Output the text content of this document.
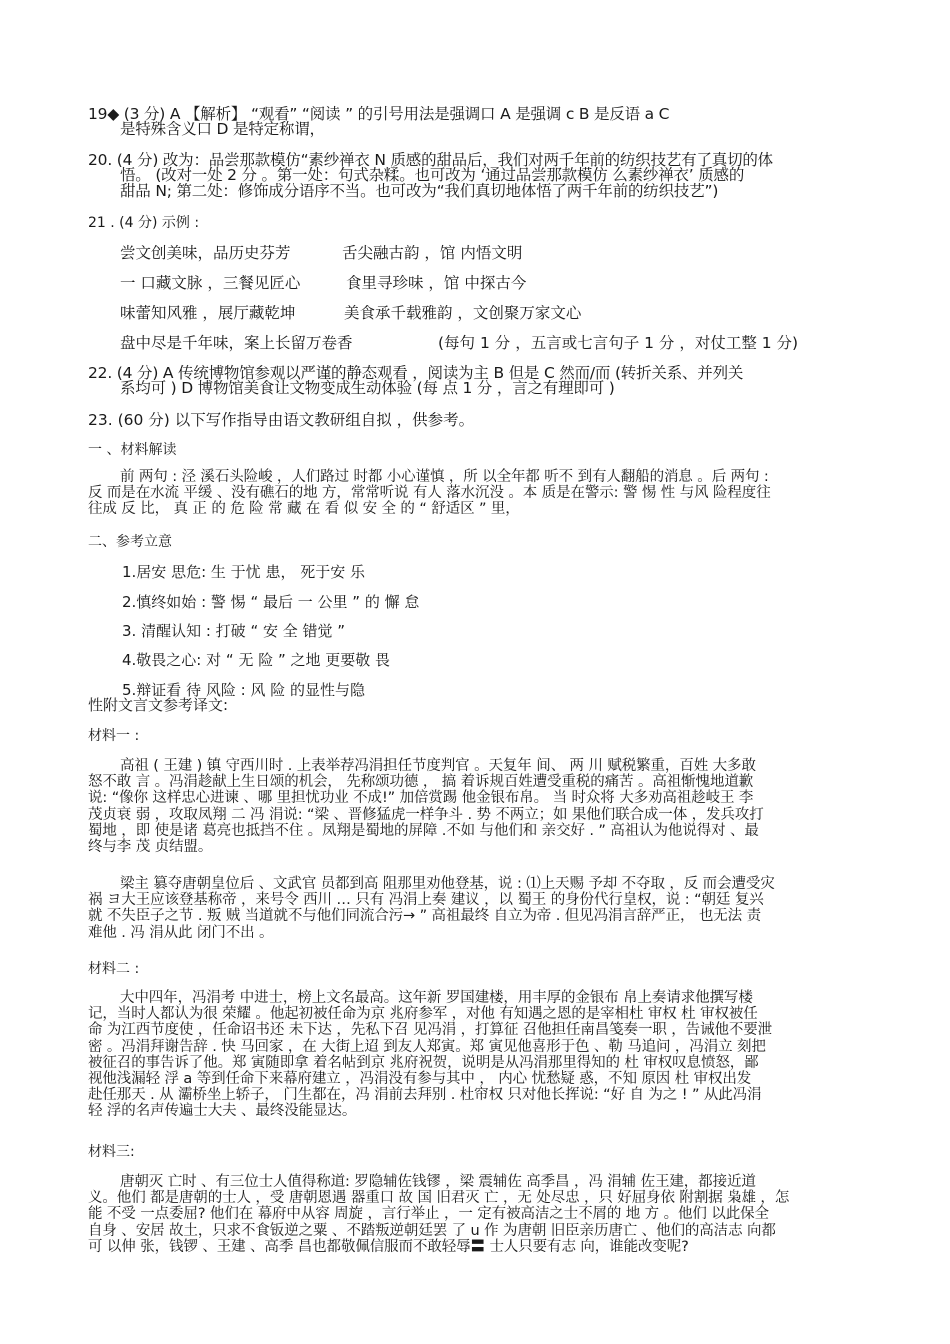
19◆ (3 分) A 【解析】 “观看” “阅读 ” 的引号用法是强调口 A 是强调 c B 是反语 a C
是特殊含义口 D 是特定称谓，
20. (4 分) 改为：品尝那款模仿“素纱禅衣 N 质感的甜品后，我们对两千年前的纺织技艺有了真切的体
悟。 (改对一处 2 分 。第一处：句式杂糅。也可改为 ‘通过品尝那款模仿 么素纱禅衣’ 质感的
甜品 N; 第二处：修饰成分语序不当。也可改为“我们真切地体悟了两千年前的纺织技艺”)
21 . (4 分) 示例 :
尝文创美味，品历史芬芳	舌尖融古韵 ，馆 内悟文明
一 口藏文脉 ，三餐见匠心	食里寻珍味 ，馆 中探古今
味蕾知风雅 ，展厅藏乾坤	美食承千载雅韵 ，文创聚万家文心
盘中尽是千年味，案上长留万卷香	(每句 1 分 ，五言或七言句子 1 分 ，对仗工整 1 分)
22. (4 分) A 传统博物馆参观以严谨的静态观看 ，阅读为主 B 但是 C 然而/而 (转折关系、并列关
系均可 ) D 博物馆美食让文物变成生动体验 (每 点 1 分 ，言之有理即可 )
23. (60 分) 以下写作指导由语文教研组自拟 ，供参考。
一 、材料解读
前 两句 : 泾 溪石头险峻 ，人们路过 时都 小心谨慎 ，所 以全年都 听不 到有人翻船的消息 。后 两句 :
反 而是在水流 平缓 、没有礁石的地 方，常常听说 有人 落水沉没 。本 质是在警示: 警 惕 性 与风 险程度往
往成 反 比， 真 正 的 危 险 常 藏 在 看 似 安 全 的 “ 舒适区 ” 里，
二、参考立意
1.居安 思危: 生 于忧 患， 死于安 乐
2.慎终如始 : 警 惕 “ 最后 一 公里 ” 的 懈 怠
3. 清醒认知 : 打破 “ 安 全 错觉 ”
4.敬畏之心: 对 “ 无 险 ” 之地 更要敬 畏
5.辩证看 待 风险 : 风 险 的显性与隐
性附文言文参考译文:
材料一 :
高祖 ( 王建 ) 镇 守西川时 . 上表举荐冯涓担任节度判官 。天复年 间、 两 川 赋税繁重，百姓 大多敢
怒不敢 言 。冯涓趁献上生日颂的机会， 先称颂功德 ， 搞 着诉规百姓遭受重税的痛苦 。高祖惭愧地道歉
说: “像你 这样忠心进谏 、哪 里担忧功业 不成!” 加倍赏踢 他金银布帛。 当 时众将 大多劝高祖趁岐王 李
茂贞衰 弱 ，攻取凤翔 二 冯 涓说: “梁 、晋修猛虎一样争斗 . 势 不两立；如 果他们联合成一体 ，发兵攻打
蜀地 ，即 使是诸 葛亮也抵挡不住 。凤翔是蜀地的屏障 .不如 与他们和 亲交好 . ” 高祖认为他说得对 、最
终与李 茂 贞结盟。
梁主 篡夺唐朝皇位后 、文武官 员都到高 阻那里劝他登基，说 : ⑴上天赐 予却 不夺取 ，反 而会遭受灾
祸 ヨ大王应该登基称帝 ，来号令 西川 … 只有 冯涓上奏 建议 ，以 蜀王 的身份代行皇权，说 : “朝廷 复兴
就 不失臣子之节 . 叛 贼 当道就不与他们同流合污→ ” 高祖最终 自立为帝 . 但见冯涓言辞严正， 也无法 责
难他 . 冯 涓从此 闭门不出 。
材料二 :
大中四年，冯涓考 中进士，榜上文名最高。这年新 罗国建楼，用丰厚的金银布 帛上奏请求他撰写楼
记，当时人都认为很 荣耀 。他起初被任命为京 兆府参军 ，对他 有知遇之恩的是宰相杜 审权 杜 审权被任
命 为江西节度使 ，任命诏书还 未下达 ，先私下召 见冯涓 ，打算征 召他担任南昌笺奏一职 ，告诫他不要泄
密 。冯涓拜谢告辞 . 快 马回家 ，在 大街上迢 到友人郑寅。郑 寅见他喜形于色 、勒 马追问 ，冯涓立 刻把
被征召的事告诉了他。郑 寅随即拿 着名帖到京 兆府祝贺，说明是从冯涓那里得知的 杜 审权叹息愤怒，鄙
视他浅漏轻 浮 a 等到任命下来幕府建立 ，冯涓没有参与其中 ， 内心 忧愁疑 惑，不知 原因 杜 审权出发
赴任那天 . 从 灞桥坐上轿子， 门生都在，冯 涓前去拜别 . 杜帘权 只对他长挥说: “好 自 为之 ! ” 从此冯涓
轻 浮的名声传遍士大夫 、最终没能显达。
材料三:
唐朝灭 亡时 、有三位士人值得称道: 罗隐辅佐钱镠 ，梁 震辅佐 高季昌 ，冯 涓辅 佐王建，都接近道
义。他们 都是唐朝的士人 ，受 唐朝恩遇 器重口 故 国 旧君灭 亡 ，无 处尽忠 ，只 好屈身依 附割据 枭雄 ，怎
能 不受 一点委屈? 他们在 幕府中从容 周旋 ，言行举止 ，一 定有被高洁之士不屑的 地 方 。他们 以此保全
自身 、安居 故土，只求不食钣逆之粟 、不踏叛逆朝廷罢 了 u 作 为唐朝 旧臣亲历唐亡 、他们的高洁志 向都
可 以伸 张，钱锣 、王建 、高季 昌也都敬佩信服而不敢轻辱〓 士人只要有志 向，谁能改变呢?
